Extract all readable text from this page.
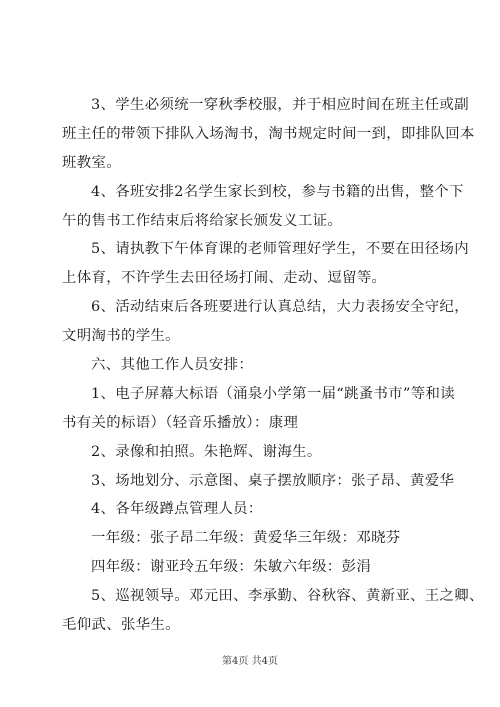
3、学生必须统一穿秋季校服，并于相应时间在班主任或副
班主任的带领下排队入场淘书，淘书规定时间一到，即排队回本
班教室。
4、各班安排2名学生家长到校，参与书籍的出售，整个下
午的售书工作结束后将给家长颁发义工证。
5、请执教下午体育课的老师管理好学生，不要在田径场内
上体育，不许学生去田径场打闹、走动、逗留等。
6、活动结束后各班要进行认真总结，大力表扬安全守纪，
文明淘书的学生。
六、其他工作人员安排：
1、电子屏幕大标语（涌泉小学第一届“跳蚤书市”等和读
书有关的标语）（轻音乐播放）：康理
2、录像和拍照。朱艳辉、谢海生。
3、场地划分、示意图、桌子摆放顺序：张子昂、黄爱华
4、各年级蹲点管理人员：
一年级：张子昂二年级：黄爱华三年级：邓晓芬
四年级：谢亚玲五年级：朱敏六年级：彭涓
5、巡视领导。邓元田、李承勤、谷秋容、黄新亚、王之卿、
毛仰武、张华生。
第4页 共4页
